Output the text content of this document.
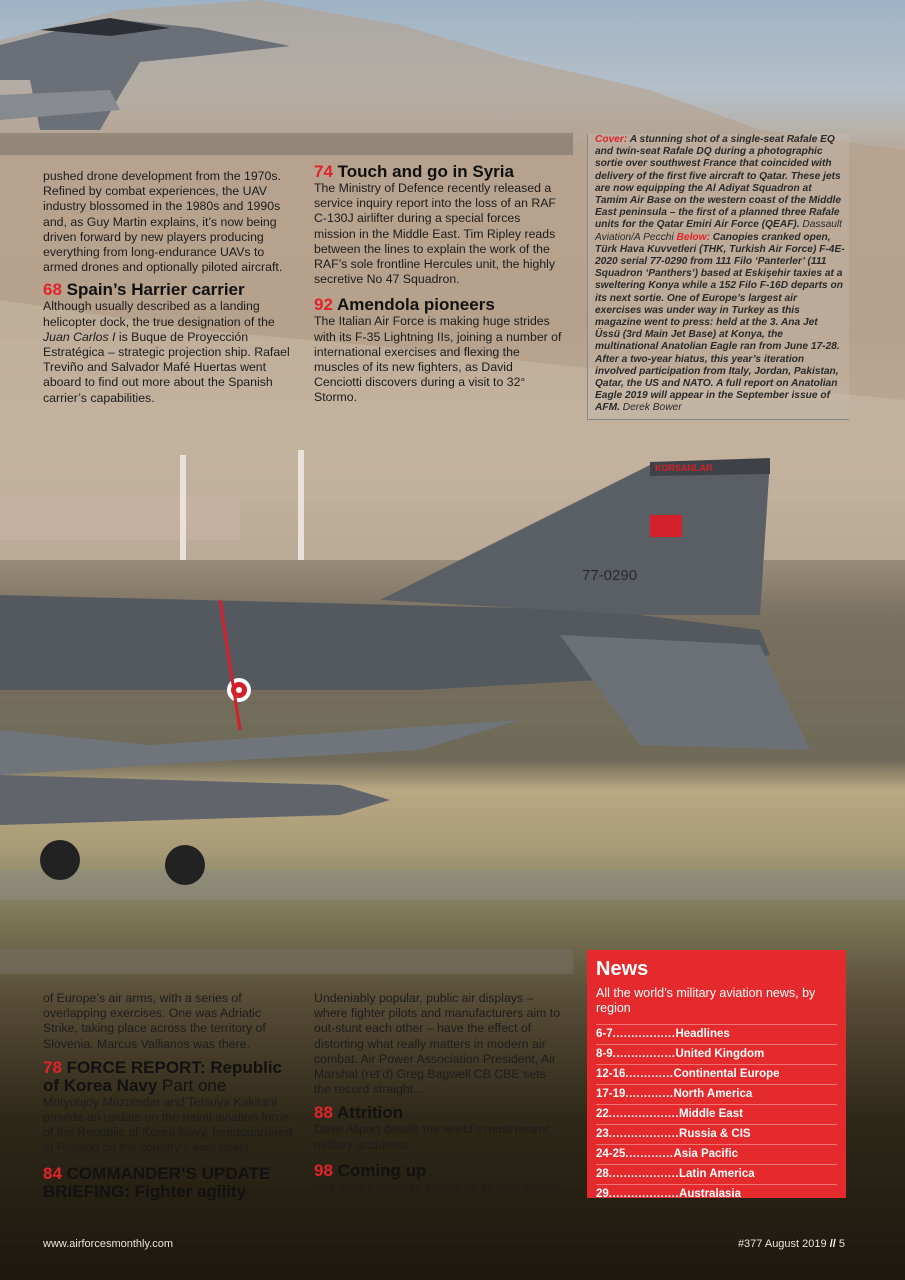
77-0290
KORSANLAR

pushed drone development from the 1970s. Refined by combat experiences, the UAV industry blossomed in the 1980s and 1990s and, as Guy Martin explains, it’s now being driven forward by new players producing everything from long-endurance UAVs to armed drones and optionally piloted aircraft.

68 Spain’s Harrier carrier

Although usually described as a landing helicopter dock, the true designation of the Juan Carlos I is Buque de Proyección Estratégica – strategic projection ship. Rafael Treviño and Salvador Mafé Huertas went aboard to find out more about the Spanish carrier’s capabilities.

74 Touch and go in Syria

The Ministry of Defence recently released a service inquiry report into the loss of an RAF C-130J airlifter during a special forces mission in the Middle East. Tim Ripley reads between the lines to explain the work of the RAF’s sole frontline Hercules unit, the highly secretive No 47 Squadron.

92 Amendola pioneers

The Italian Air Force is making huge strides with its F-35 Lightning IIs, joining a number of international exercises and flexing the muscles of its new fighters, as David Cenciotti discovers during a visit to 32° Stormo.

Cover: A stunning shot of a single-seat Rafale EQ and twin-seat Rafale DQ during a photographic sortie over southwest France that coincided with delivery of the first five aircraft to Qatar. These jets are now equipping the Al Adiyat Squadron at Tamim Air Base on the western coast of the Middle East peninsula – the first of a planned three Rafale units for the Qatar Emiri Air Force (QEAF). Dassault Aviation/A Pecchi Below: Canopies cranked open, Türk Hava Kuvvetleri (THK, Turkish Air Force) F-4E-2020 serial 77-0290 from 111 Filo ‘Panterler’ (111 Squadron ‘Panthers’) based at Eskişehir taxies at a sweltering Konya while a 152 Filo F-16D departs on its next sortie. One of Europe’s largest air exercises was under way in Turkey as this magazine went to press: held at the 3. Ana Jet Üssü (3rd Main Jet Base) at Konya, the multinational Anatolian Eagle ran from June 17-28. After a two-year hiatus, this year’s iteration involved participation from Italy, Jordan, Pakistan, Qatar, the US and NATO. A full report on Anatolian Eagle 2019 will appear in the September issue of AFM. Derek Bower

of Europe’s air arms, with a series of overlapping exercises. One was Adriatic Strike, taking place across the territory of Slovenia. Marcus Vallianos was there.

78 FORCE REPORT: Republic of Korea Navy Part one

Mrityunjoy Mazumdar and Tetsuya Kakitani provide an update on the naval aviation force of the Republic of Korea Navy, headquartered at Pohang on the country’s east coast.

84 COMMANDER’S UPDATE BRIEFING: Fighter agility

Undeniably popular, public air displays – where fighter pilots and manufacturers aim to out-stunt each other – have the effect of distorting what really matters in modern air combat. Air Power Association President, Air Marshal (ret’d) Greg Bagwell CB CBE sets the record straight…

88 Attrition

Dave Allport details the world’s most recent military accidents.

98 Coming up

See what’s featured in your AFM next month.

News
All the world’s military aviation news, by region
6-7 ................. Headlines
8-9 ................. United Kingdom
12-16 ............. Continental Europe
17-19 ............. North America
22 ................... Middle East
23 ................... Russia & CIS
24-25 ............. Asia Pacific
28 ................... Latin America
29 ................... Australasia
www.airforcesmonthly.com	#377 August 2019 // 5
